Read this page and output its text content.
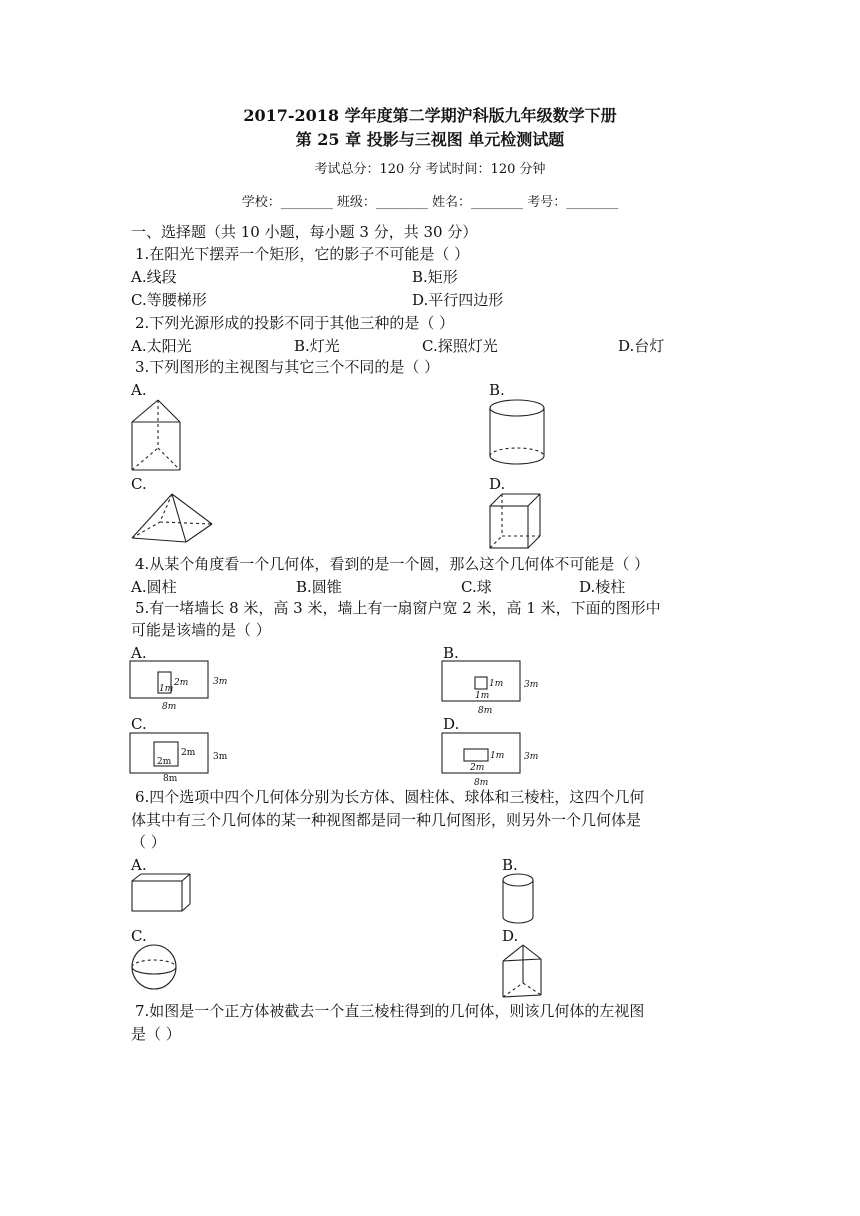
2017-2018 学年度第二学期沪科版九年级数学下册
第 25 章 投影与三视图 单元检测试题
考试总分：120 分 考试时间：120 分钟
学校：________ 班级：________ 姓名：________ 考号：________
一、选择题（共 10 小题，每小题 3 分，共 30 分）
1.在阳光下摆弄一个矩形，它的影子不可能是（ ）
A.线段	B.矩形
C.等腰梯形	D.平行四边形
2.下列光源形成的投影不同于其他三种的是（ ）
A.太阳光	B.灯光	C.探照灯光	D.台灯
3.下列图形的主视图与其它三个不同的是（ ）
A.	B.
C.	D.
4.从某个角度看一个几何体，看到的是一个圆，那么这个几何体不可能是（ ）
A.圆柱	B.圆锥	C.球	D.棱柱
5.有一堵墙长 8 米，高 3 米，墙上有一扇窗户宽 2 米，高 1 米，下面的图形中
可能是该墙的是（ ）
A.	B.
C.	D.
1m
2m	3m
8m
1m
1m
3m
8m
2m
2m 3m
8m
1m
2m
3m
8m
6.四个选项中四个几何体分别为长方体、圆柱体、球体和三棱柱，这四个几何
体其中有三个几何体的某一种视图都是同一种几何图形，则另外一个几何体是
（ ）
A.	B.
C.	D.
7.如图是一个正方体被截去一个直三棱柱得到的几何体，则该几何体的左视图
是（ ）
